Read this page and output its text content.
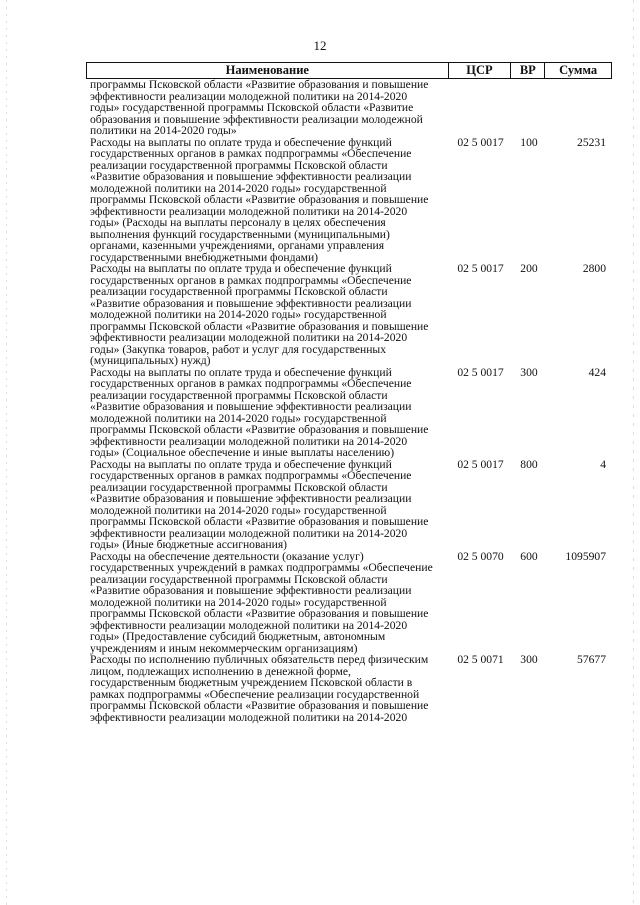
12
Наименование	ЦСР	ВР	Сумма
программы Псковской области «Развитие образования и повышение
эффективности реализации молодежной политики на 2014-2020
годы» государственной программы Псковской области «Развитие
образования и повышение эффективности реализации молодежной
политики на 2014-2020 годы»
Расходы на выплаты по оплате труда и обеспечение функций
государственных органов в рамках подпрограммы «Обеспечение
реализации государственной программы Псковской области
«Развитие образования и повышение эффективности реализации
молодежной политики на 2014-2020 годы» государственной
программы Псковской области «Развитие образования и повышение
эффективности реализации молодежной политики на 2014-2020
годы» (Расходы на выплаты персоналу в целях обеспечения
выполнения функций государственными (муниципальными)
органами, казенными учреждениями, органами управления
государственными внебюджетными фондами)
02 5 0017	100	25231
Расходы на выплаты по оплате труда и обеспечение функций
государственных органов в рамках подпрограммы «Обеспечение
реализации государственной программы Псковской области
«Развитие образования и повышение эффективности реализации
молодежной политики на 2014-2020 годы» государственной
программы Псковской области «Развитие образования и повышение
эффективности реализации молодежной политики на 2014-2020
годы» (Закупка товаров, работ и услуг для государственных
(муниципальных) нужд)
02 5 0017	200	2800
Расходы на выплаты по оплате труда и обеспечение функций
государственных органов в рамках подпрограммы «Обеспечение
реализации государственной программы Псковской области
«Развитие образования и повышение эффективности реализации
молодежной политики на 2014-2020 годы» государственной
программы Псковской области «Развитие образования и повышение
эффективности реализации молодежной политики на 2014-2020
годы» (Социальное обеспечение и иные выплаты населению)
02 5 0017	300	424
Расходы на выплаты по оплате труда и обеспечение функций
государственных органов в рамках подпрограммы «Обеспечение
реализации государственной программы Псковской области
«Развитие образования и повышение эффективности реализации
молодежной политики на 2014-2020 годы» государственной
программы Псковской области «Развитие образования и повышение
эффективности реализации молодежной политики на 2014-2020
годы» (Иные бюджетные ассигнования)
02 5 0017	800	4
Расходы на обеспечение деятельности (оказание услуг)
государственных учреждений в рамках подпрограммы «Обеспечение
реализации государственной программы Псковской области
«Развитие образования и повышение эффективности реализации
молодежной политики на 2014-2020 годы» государственной
программы Псковской области «Развитие образования и повышение
эффективности реализации молодежной политики на 2014-2020
годы» (Предоставление субсидий бюджетным, автономным
учреждениям и иным некоммерческим организациям)
02 5 0070	600	1095907
Расходы по исполнению публичных обязательств перед физическим
лицом, подлежащих исполнению в денежной форме,
государственным бюджетным учреждением Псковской области в
рамках подпрограммы «Обеспечение реализации государственной
программы Псковской области «Развитие образования и повышение
эффективности реализации молодежной политики на 2014-2020
02 5 0071	300	57677
